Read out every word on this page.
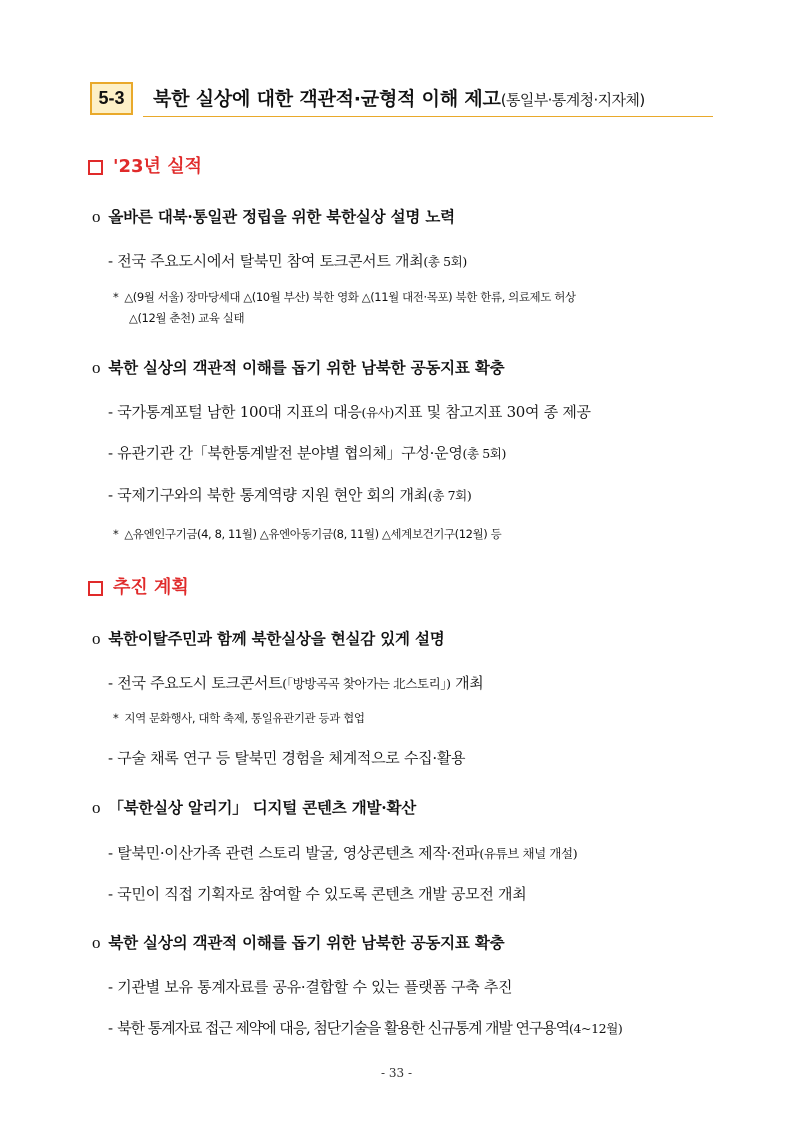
5-3	북한 실상에 대한 객관적·균형적 이해 제고(통일부·통계청·지자체)
'23년 실적
o 올바른 대북·통일관 정립을 위한 북한실상 설명 노력
- 전국 주요도시에서 탈북민 참여 토크콘서트 개최(총 5회)
* △(9월 서울) 장마당세대 △(10월 부산) 북한 영화 △(11월 대전·목포) 북한 한류, 의료제도 허상
△(12월 춘천) 교육 실태
o 북한 실상의 객관적 이해를 돕기 위한 남북한 공동지표 확충
- 국가통계포털 남한 100대 지표의 대응(유사)지표 및 참고지표 30여 종 제공
- 유관기관 간「북한통계발전 분야별 협의체」구성·운영(총 5회)
- 국제기구와의 북한 통계역량 지원 현안 회의 개최(총 7회)
* △유엔인구기금(4, 8, 11월) △유엔아동기금(8, 11월) △세계보건기구(12월) 등
추진 계획
o 북한이탈주민과 함께 북한실상을 현실감 있게 설명
- 전국 주요도시 토크콘서트(「방방곡곡 찾아가는 北스토리」) 개최
* 지역 문화행사, 대학 축제, 통일유관기관 등과 협업
- 구술 채록 연구 등 탈북민 경험을 체계적으로 수집·활용
o 「북한실상 알리기」 디지털 콘텐츠 개발·확산
- 탈북민·이산가족 관련 스토리 발굴, 영상콘텐츠 제작·전파(유튜브 채널 개설)
- 국민이 직접 기획자로 참여할 수 있도록 콘텐츠 개발 공모전 개최
o 북한 실상의 객관적 이해를 돕기 위한 남북한 공동지표 확충
- 기관별 보유 통계자료를 공유·결합할 수 있는 플랫폼 구축 추진
- 북한 통계자료 접근 제약에 대응, 첨단기술을 활용한 신규통계 개발 연구용역(4~12월)
- 33 -
